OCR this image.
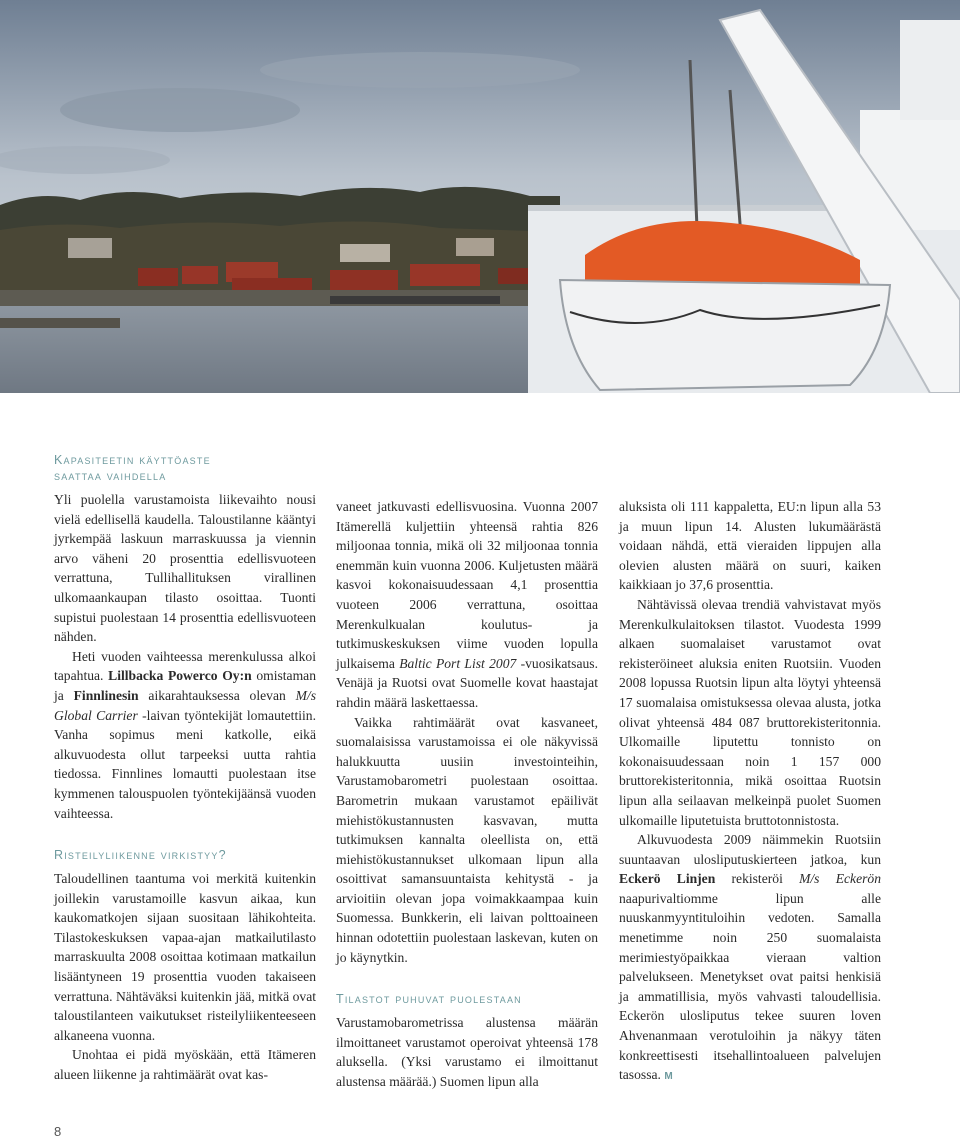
Kapasiteetin käyttöaste
saattaa vaihdella

Yli puolella varustamoista liikevaihto nousi vielä edellisellä kaudella. Taloustilanne kääntyi jyrkempää laskuun marraskuussa ja viennin arvo väheni 20 prosenttia edellisvuoteen verrattuna, Tullihallituksen virallinen ulkomaankaupan tilasto osoittaa. Tuonti supistui puolestaan 14 prosenttia edellisvuoteen nähden.

Heti vuoden vaihteessa merenkulussa alkoi tapahtua. Lillbacka Powerco Oy:n omistaman ja Finnlinesin aikarahtauksessa olevan M/s Global Carrier -laivan työntekijät lomautettiin. Vanha sopimus meni katkolle, eikä alkuvuodesta ollut tarpeeksi uutta rahtia tiedossa. Finnlines lomautti puolestaan itse kymmenen talouspuolen työntekijäänsä vuoden vaihteessa.

Risteilyliikenne virkistyy?

Taloudellinen taantuma voi merkitä kuitenkin joillekin varustamoille kasvun aikaa, kun kaukomatkojen sijaan suositaan lähikohteita. Tilastokeskuksen vapaa-ajan matkailutilasto marraskuulta 2008 osoittaa kotimaan matkailun lisääntyneen 19 prosenttia vuoden takaiseen verrattuna. Nähtäväksi kuitenkin jää, mitkä ovat taloustilanteen vaikutukset risteilyliikenteeseen alkaneena vuonna.

Unohtaa ei pidä myöskään, että Itämeren alueen liikenne ja rahtimäärät ovat kas-

vaneet jatkuvasti edellisvuosina. Vuonna 2007 Itämerellä kuljettiin yhteensä rahtia 826 miljoonaa tonnia, mikä oli 32 miljoonaa tonnia enemmän kuin vuonna 2006. Kuljetusten määrä kasvoi kokonaisuudessaan 4,1 prosenttia vuoteen 2006 verrattuna, osoittaa Merenkulkualan koulutus- ja tutkimuskeskuksen viime vuoden lopulla julkaisema Baltic Port List 2007 -vuosikatsaus. Venäjä ja Ruotsi ovat Suomelle kovat haastajat rahdin määrä laskettaessa.

Vaikka rahtimäärät ovat kasvaneet, suomalaisissa varustamoissa ei ole näkyvissä halukkuutta uusiin investointeihin, Varustamobarometri puolestaan osoittaa. Barometrin mukaan varustamot epäilivät miehistökustannusten kasvavan, mutta tutkimuksen kannalta oleellista on, että miehistökustannukset ulkomaan lipun alla osoittivat samansuuntaista kehitystä - ja arvioitiin olevan jopa voimakkaampaa kuin Suomessa. Bunkkerin, eli laivan polttoaineen hinnan odotettiin puolestaan laskevan, kuten on jo käynytkin.

Tilastot puhuvat puolestaan

Varustamobarometrissa alustensa määrän ilmoittaneet varustamot operoivat yhteensä 178 aluksella. (Yksi varustamo ei ilmoittanut alustensa määrää.) Suomen lipun alla

aluksista oli 111 kappaletta, EU:n lipun alla 53 ja muun lipun 14. Alusten lukumäärästä voidaan nähdä, että vieraiden lippujen alla olevien alusten määrä on suuri, kaiken kaikkiaan jo 37,6 prosenttia.

Nähtävissä olevaa trendiä vahvistavat myös Merenkulkulaitoksen tilastot. Vuodesta 1999 alkaen suomalaiset varustamot ovat rekisteröineet aluksia eniten Ruotsiin. Vuoden 2008 lopussa Ruotsin lipun alta löytyi yhteensä 17 suomalaisa omistuksessa olevaa alusta, jotka olivat yhteensä 484 087 bruttorekisteritonnia. Ulkomaille liputettu tonnisto on kokonaisuudessaan noin 1 157 000 bruttorekisteritonnia, mikä osoittaa Ruotsin lipun alla seilaavan melkeinpä puolet Suomen ulkomaille liputetuista bruttotonnistosta.

Alkuvuodesta 2009 näimmekin Ruotsiin suuntaavan ulosliputuskierteen jatkoa, kun Eckerö Linjen rekisteröi M/s Eckerön naapurivaltiomme lipun alle nuuskanmyyntituloihin vedoten. Samalla menetimme noin 250 suomalaista merimiestyöpaikkaa vieraan valtion palvelukseen. Menetykset ovat paitsi henkisiä ja ammatillisia, myös vahvasti taloudellisia. Eckerön ulosliputus tekee suuren loven Ahvenanmaan verotuloihin ja näkyy täten konkreettisesti itsehallintoalueen palvelujen tasossa. M

8
